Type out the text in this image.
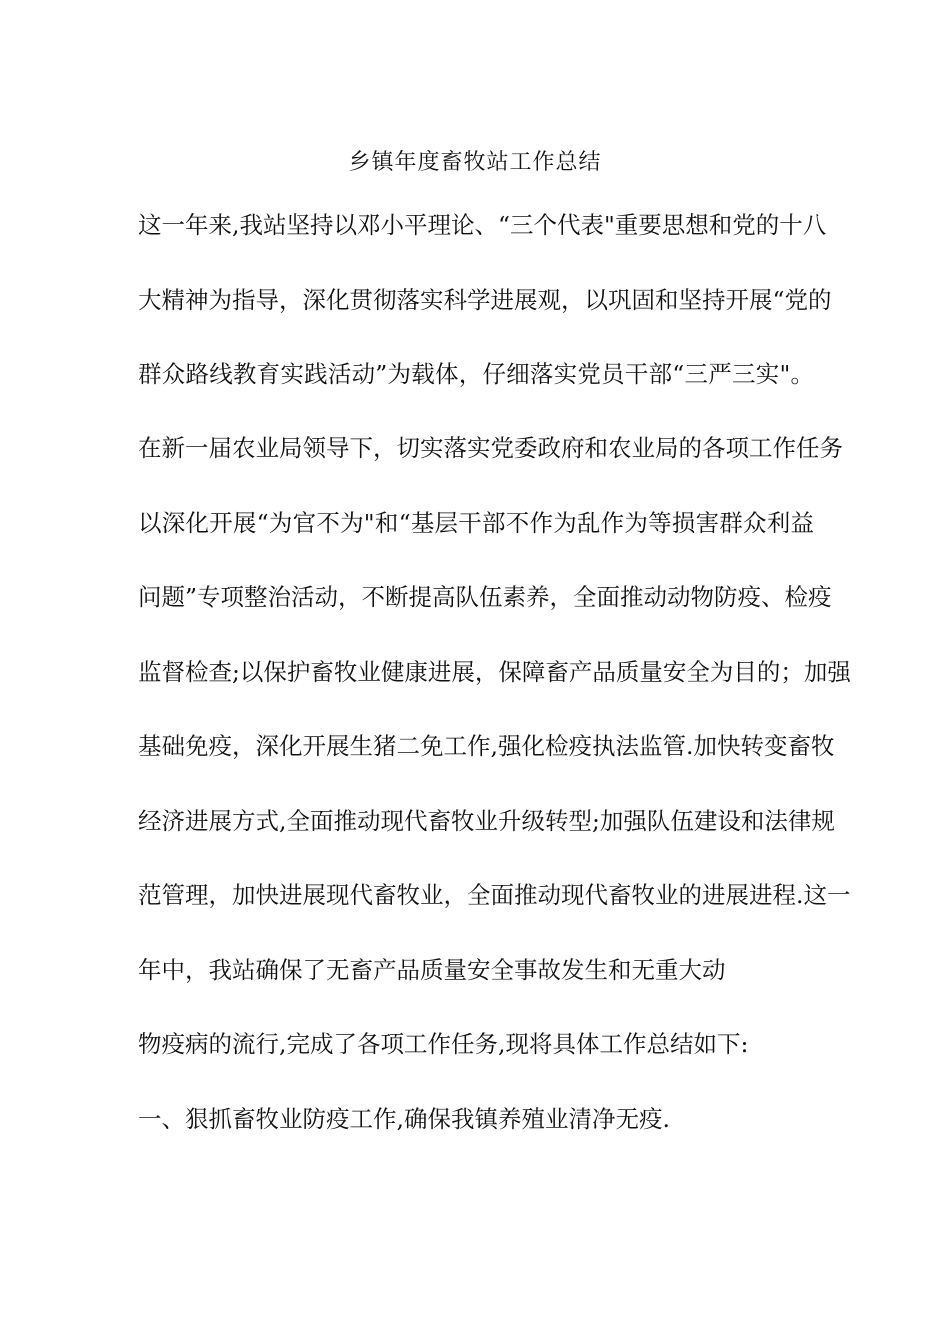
乡镇年度畜牧站工作总结
这一年来,我站坚持以邓小平理论、“三个代表"重要思想和党的十八
大精神为指导，深化贯彻落实科学进展观，以巩固和坚持开展“党的
群众路线教育实践活动”为载体，仔细落实党员干部“三严三实"。
在新一届农业局领导下，切实落实党委政府和农业局的各项工作任务
以深化开展“为官不为"和“基层干部不作为乱作为等损害群众利益
问题”专项整治活动，不断提高队伍素养，全面推动动物防疫、检疫
监督检查;以保护畜牧业健康进展，保障畜产品质量安全为目的；加强
基础免疫，深化开展生猪二免工作,强化检疫执法监管.加快转变畜牧
经济进展方式,全面推动现代畜牧业升级转型;加强队伍建设和法律规
范管理，加快进展现代畜牧业，全面推动现代畜牧业的进展进程.这一
年中，我站确保了无畜产品质量安全事故发生和无重大动
物疫病的流行,完成了各项工作任务,现将具体工作总结如下:
一、狠抓畜牧业防疫工作,确保我镇养殖业清净无疫.
